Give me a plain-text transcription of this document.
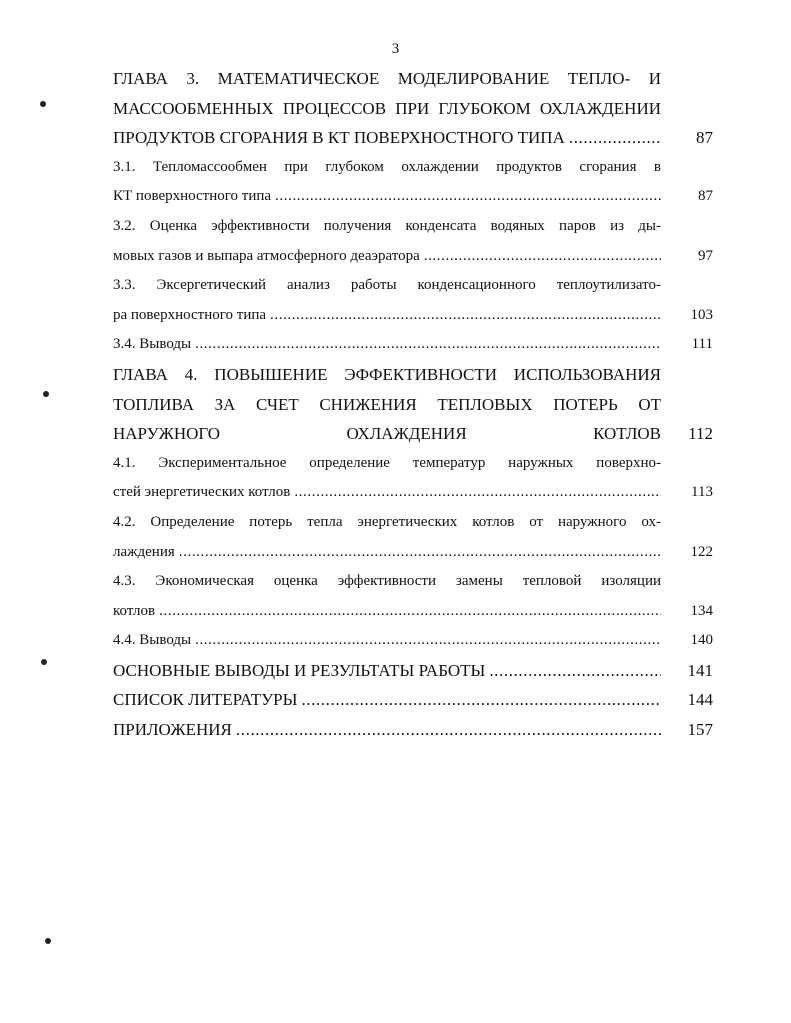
3
ГЛАВА 3. МАТЕМАТИЧЕСКОЕ МОДЕЛИРОВАНИЕ ТЕПЛО- И
МАССООБМЕННЫХ ПРОЦЕССОВ ПРИ ГЛУБОКОМ ОХЛАЖДЕНИИ
ПРОДУКТОВ СГОРАНИЯ В КТ ПОВЕРХНОСТНОГО ТИПА .....	87
3.1. Тепломассообмен при глубоком охлаждении продуктов сгорания в
КТ поверхностного типа .....	87
3.2. Оценка эффективности получения конденсата водяных паров из ды-
мовых газов и выпара атмосферного деаэратора .....	97
3.3. Эксергетический анализ работы конденсационного теплоутилизато-
ра поверхностного типа .....	103
3.4. Выводы .....	111
ГЛАВА 4. ПОВЫШЕНИЕ ЭФФЕКТИВНОСТИ ИСПОЛЬЗОВАНИЯ
ТОПЛИВА ЗА СЧЕТ СНИЖЕНИЯ ТЕПЛОВЫХ ПОТЕРЬ ОТ
НАРУЖНОГО ОХЛАЖДЕНИЯ КОТЛОВ	112
4.1. Экспериментальное определение температур наружных поверхно-
стей энергетических котлов .....	113
4.2. Определение потерь тепла энергетических котлов от наружного ох-
лаждения .....	122
4.3. Экономическая оценка эффективности замены тепловой изоляции
котлов .....	134
4.4. Выводы .....	140
ОСНОВНЫЕ ВЫВОДЫ И РЕЗУЛЬТАТЫ РАБОТЫ .....	141
СПИСОК ЛИТЕРАТУРЫ .....	144
ПРИЛОЖЕНИЯ .....	157
